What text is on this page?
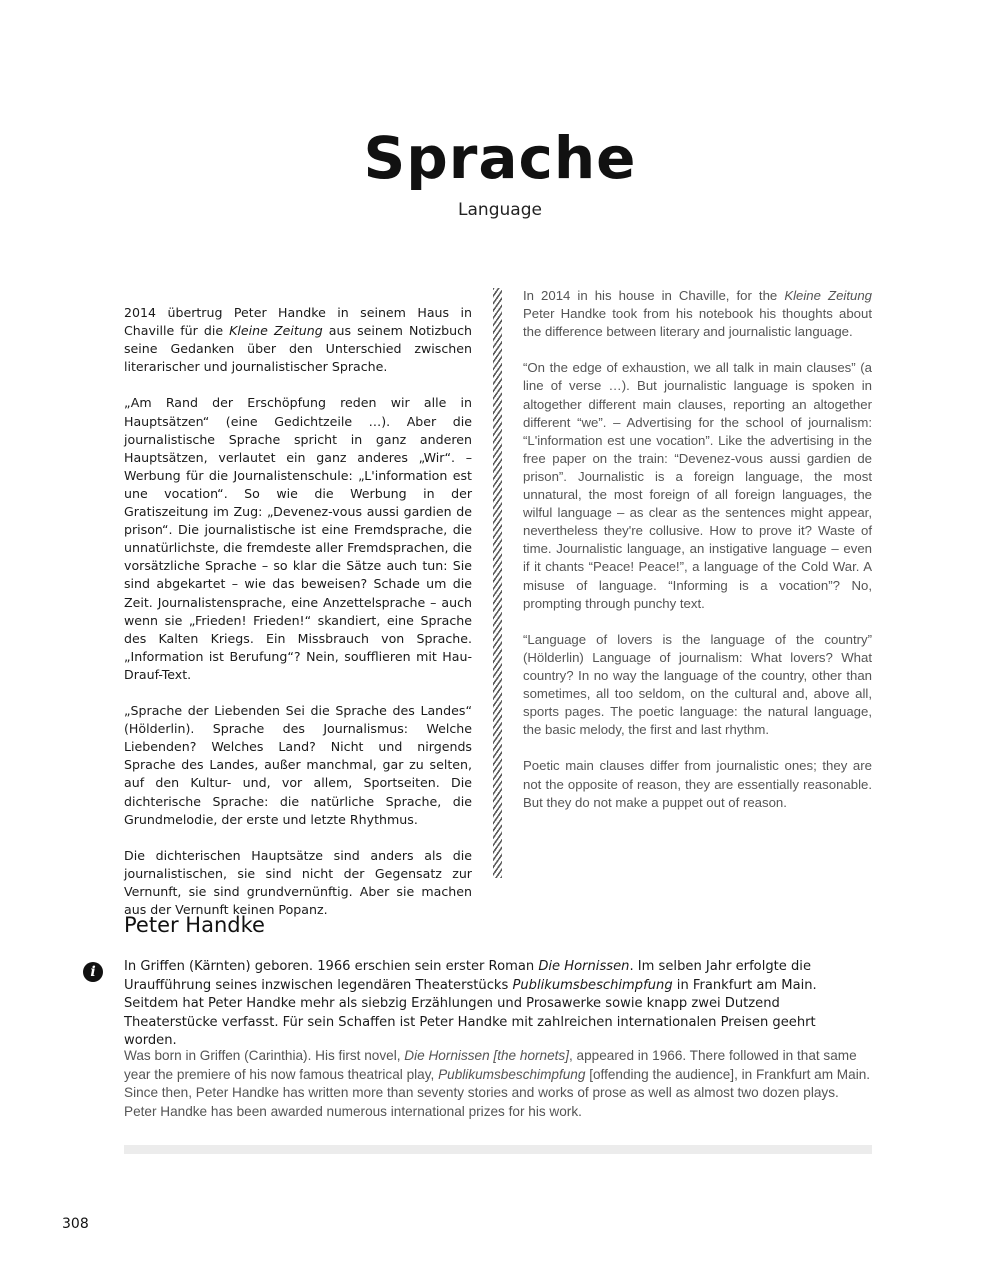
Sprache
Language

2014 übertrug Peter Handke in seinem Haus in Chaville für die Kleine Zeitung aus seinem Notizbuch seine Gedanken über den Unterschied zwischen literarischer und journalistischer Sprache.

„Am Rand der Erschöpfung reden wir alle in Hauptsätzen“ (eine Gedichtzeile …). Aber die journalistische Sprache spricht in ganz anderen Hauptsätzen, verlautet ein ganz anderes „Wir“. – Werbung für die Journalistenschule: „L'information est une vocation“. So wie die Werbung in der Gratiszeitung im Zug: „Devenez-vous aussi gardien de prison“. Die journalistische ist eine Fremdsprache, die unnatürlichste, die fremdeste aller Fremdsprachen, die vorsätzliche Sprache – so klar die Sätze auch tun: Sie sind abgekartet – wie das beweisen? Schade um die Zeit. Journalistensprache, eine Anzettelsprache – auch wenn sie „Frieden! Frieden!“ skandiert, eine Sprache des Kalten Kriegs. Ein Missbrauch von Sprache. „Information ist Berufung“? Nein, soufflieren mit Hau-Drauf-Text.

„Sprache der Liebenden Sei die Sprache des Landes“ (Hölderlin). Sprache des Journalismus: Welche Liebenden? Welches Land? Nicht und nirgends Sprache des Landes, außer manchmal, gar zu selten, auf den Kultur- und, vor allem, Sportseiten. Die dichterische Sprache: die natürliche Sprache, die Grundmelodie, der erste und letzte Rhythmus.

Die dichterischen Hauptsätze sind anders als die journalistischen, sie sind nicht der Gegensatz zur Vernunft, sie sind grundvernünftig. Aber sie machen aus der Vernunft keinen Popanz.

In 2014 in his house in Chaville, for the Kleine Zeitung Peter Handke took from his notebook his thoughts about the difference between literary and journalistic language.

“On the edge of exhaustion, we all talk in main clauses” (a line of verse …). But journalistic language is spoken in altogether different main clauses, reporting an altogether different “we”. – Advertising for the school of journalism: “L'information est une vocation”. Like the advertising in the free paper on the train: “Devenez-vous aussi gardien de prison”. Journalistic is a foreign language, the most unnatural, the most foreign of all foreign languages, the wilful language – as clear as the sentences might appear, nevertheless they're collusive. How to prove it? Waste of time. Journalistic language, an instigative language – even if it chants “Peace! Peace!”, a language of the Cold War. A misuse of language. “Informing is a vocation”? No, prompting through punchy text.

“Language of lovers is the language of the country” (Hölderlin) Language of journalism: What lovers? What country? In no way the language of the country, other than sometimes, all too seldom, on the cultural and, above all, sports pages. The poetic language: the natural language, the basic melody, the first and last rhythm.

Poetic main clauses differ from journalistic ones; they are not the opposite of reason, they are essentially reasonable. But they do not make a puppet out of reason.

Peter Handke
i	In Griffen (Kärnten) geboren. 1966 erschien sein erster Roman Die Hornissen. Im selben Jahr erfolgte die Uraufführung seines inzwischen legendären Theaterstücks Publikumsbeschimpfung in Frankfurt am Main. Seitdem hat Peter Handke mehr als siebzig Erzählungen und Prosawerke sowie knapp zwei Dutzend Theaterstücke verfasst. Für sein Schaffen ist Peter Handke mit zahlreichen internationalen Preisen geehrt worden.

Was born in Griffen (Carinthia). His first novel, Die Hornissen [the hornets], appeared in 1966. There followed in that same year the premiere of his now famous theatrical play, Publikumsbeschimpfung [offending the audience], in Frankfurt am Main. Since then, Peter Handke has written more than seventy stories and works of prose as well as almost two dozen plays. Peter Handke has been awarded numerous international prizes for his work.

308
